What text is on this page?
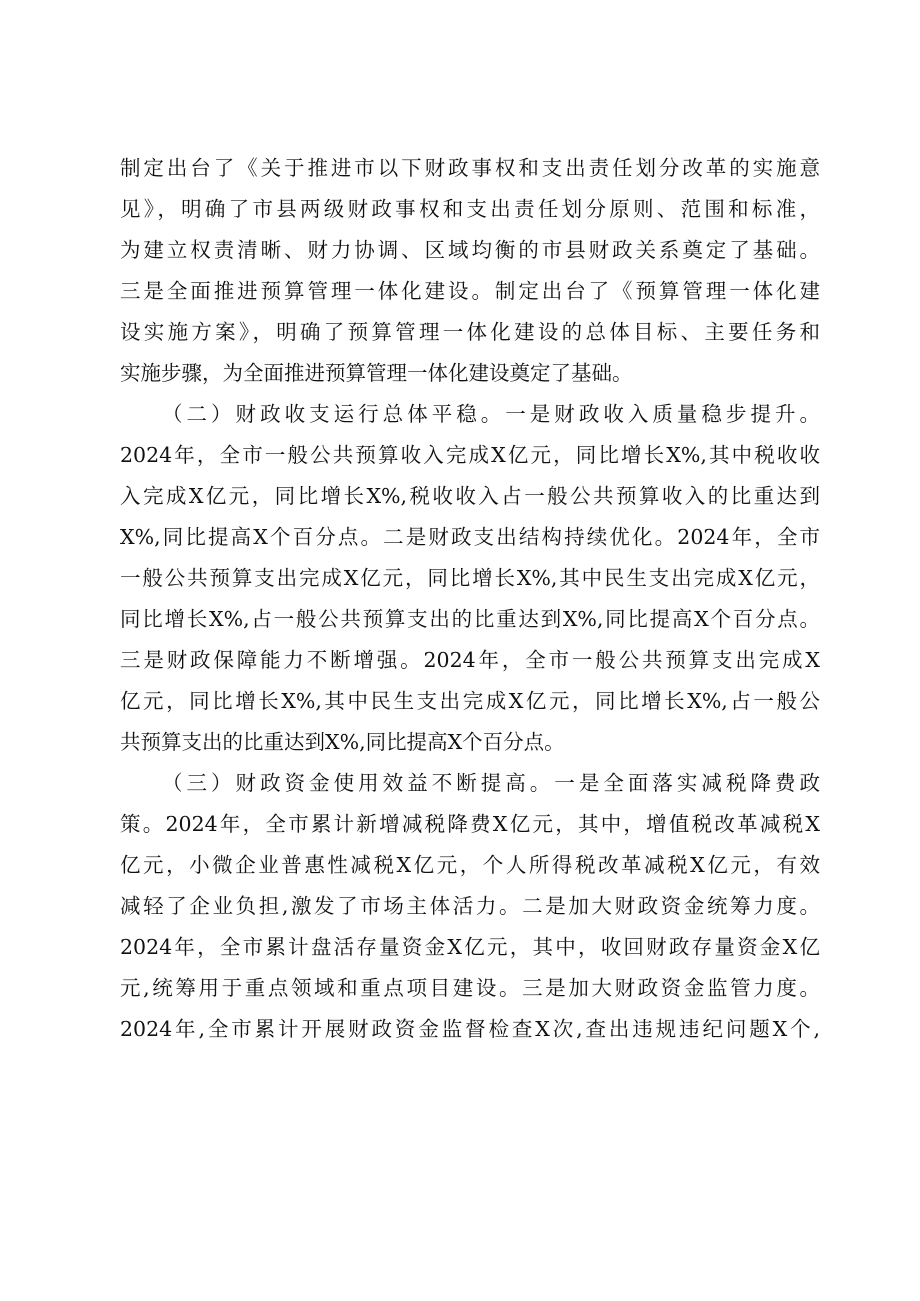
制定出台了《关于推进市以下财政事权和支出责任划分改革的实施意
见》，明确了市县两级财政事权和支出责任划分原则、范围和标准，
为建立权责清晰、财力协调、区域均衡的市县财政关系奠定了基础。
三是全面推进预算管理一体化建设。制定出台了《预算管理一体化建
设实施方案》，明确了预算管理一体化建设的总体目标、主要任务和
实施步骤，为全面推进预算管理一体化建设奠定了基础。
（二）财政收支运行总体平稳。一是财政收入质量稳步提升。
2024年，全市一般公共预算收入完成X亿元，同比增长X%,其中税收收
入完成X亿元，同比增长X%,税收收入占一般公共预算收入的比重达到
X%,同比提高X个百分点。二是财政支出结构持续优化。2024年，全市
一般公共预算支出完成X亿元，同比增长X%,其中民生支出完成X亿元，
同比增长X%,占一般公共预算支出的比重达到X%,同比提高X个百分点。
三是财政保障能力不断增强。2024年，全市一般公共预算支出完成X
亿元，同比增长X%,其中民生支出完成X亿元，同比增长X%,占一般公
共预算支出的比重达到X%,同比提高X个百分点。
（三）财政资金使用效益不断提高。一是全面落实减税降费政
策。2024年，全市累计新增减税降费X亿元，其中，增值税改革减税X
亿元，小微企业普惠性减税X亿元，个人所得税改革减税X亿元，有效
减轻了企业负担,激发了市场主体活力。二是加大财政资金统筹力度。
2024年，全市累计盘活存量资金X亿元，其中，收回财政存量资金X亿
元,统筹用于重点领域和重点项目建设。三是加大财政资金监管力度。
2024年,全市累计开展财政资金监督检查X次,查出违规违纪问题X个,
